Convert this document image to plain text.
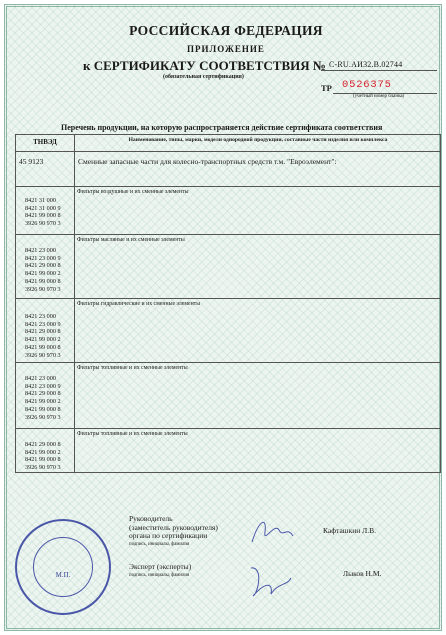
РОССИЙСКАЯ ФЕДЕРАЦИЯ
ПРИЛОЖЕНИЕ
к СЕРТИФИКАТУ СООТВЕТСТВИЯ № C-RU.АИ32.В.02744
(обязательная сертификация)
ТР 0526375
(учетный номер бланка)
Перечень продукции, на которую распространяется действие сертификата соответствия
ТНВЭД	Наименование, типы, марки, модели однородной продукции, составные части изделия или комплекса
45 9123	Сменные запасные части для колесно-транспортных средств т.м. "Евроэлемент":
Фильтры воздушные и их сменные элементы
8421 31 000
8421 31 000 9
8421 99 000 8
3926 90 970 3
Фильтры масляные и их сменные элементы
8421 23 000
8421 23 000 9
8421 29 000 8
8421 99 000 2
8421 99 000 8
3926 90 970 3
Фильтры гидравлические и их сменные элементы
8421 23 000
8421 23 000 9
8421 29 000 8
8421 99 000 2
8421 99 000 8
3926 90 970 3
Фильтры топливные и их сменные элементы
8421 23 000
8421 23 000 9
8421 29 000 8
8421 99 000 2
8421 99 000 8
3926 90 970 3
Фильтры топливные и их сменные элементы
8421 29 000 8
8421 99 000 2
8421 99 000 8
3926 90 970 3
М.П.
Руководитель
(заместитель руководителя)
органа по сертификации
подпись, инициалы, фамилия
Эксперт (эксперты)
подпись, инициалы, фамилия
Кафташкин Л.В.
Лыков Н.М.
